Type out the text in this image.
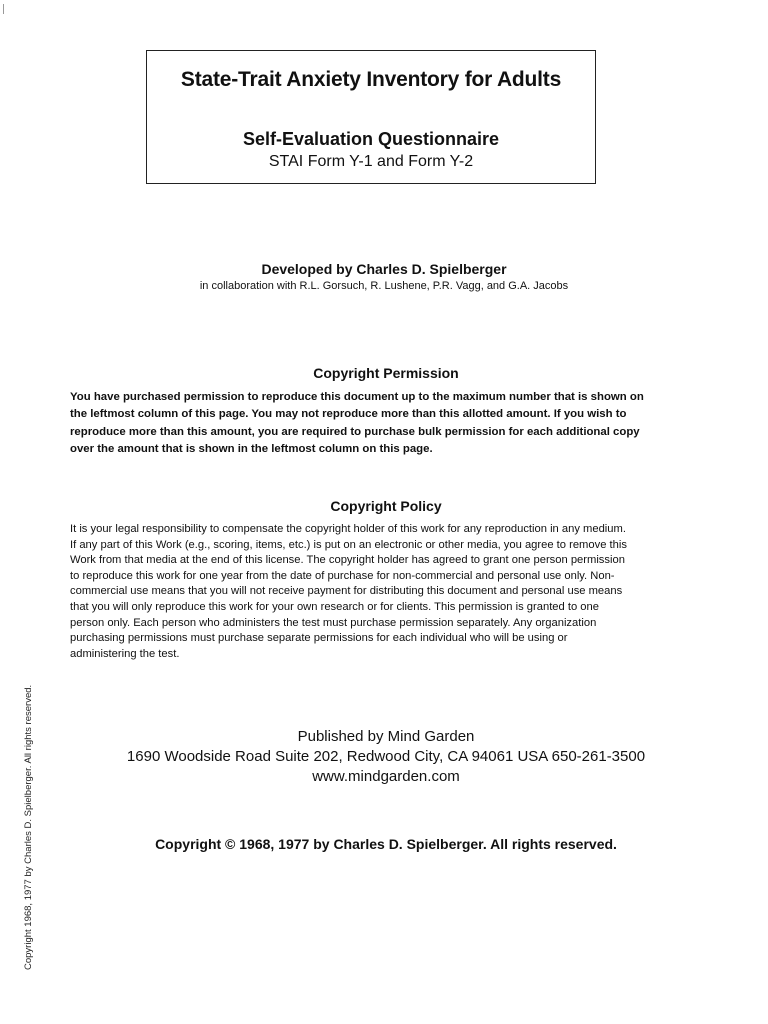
State-Trait Anxiety Inventory for Adults
Self-Evaluation Questionnaire
STAI Form Y-1 and Form Y-2
Developed by Charles D. Spielberger
in collaboration with R.L. Gorsuch, R. Lushene, P.R. Vagg, and G.A. Jacobs
Copyright Permission
You have purchased permission to reproduce this document up to the maximum number that is shown on
the leftmost column of this page. You may not reproduce more than this allotted amount. If you wish to
reproduce more than this amount, you are required to purchase bulk permission for each additional copy
over the amount that is shown in the leftmost column on this page.
Copyright Policy
It is your legal responsibility to compensate the copyright holder of this work for any reproduction in any medium.
If any part of this Work (e.g., scoring, items, etc.) is put on an electronic or other media, you agree to remove this
Work from that media at the end of this license. The copyright holder has agreed to grant one person permission
to reproduce this work for one year from the date of purchase for non-commercial and personal use only. Non-
commercial use means that you will not receive payment for distributing this document and personal use means
that you will only reproduce this work for your own research or for clients. This permission is granted to one
person only. Each person who administers the test must purchase permission separately. Any organization
purchasing permissions must purchase separate permissions for each individual who will be using or
administering the test.
Published by Mind Garden
1690 Woodside Road Suite 202, Redwood City, CA 94061 USA 650-261-3500
www.mindgarden.com
Copyright © 1968, 1977 by Charles D. Spielberger. All rights reserved.
Copyright 1968, 1977 by Charles D. Spielberger. All rights reserved.
